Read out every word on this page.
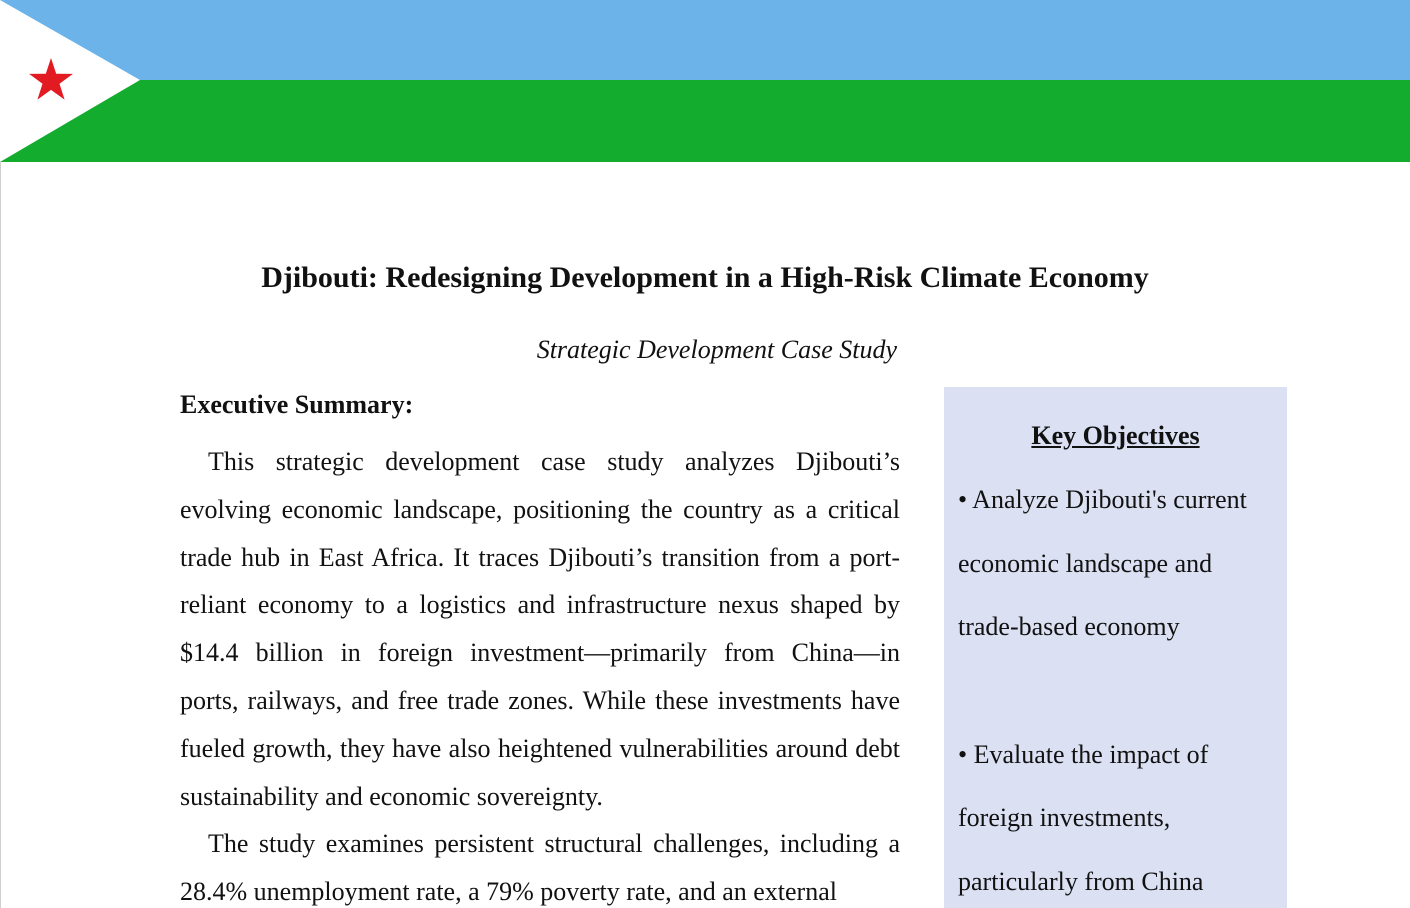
Djibouti: Redesigning Development in a High-Risk Climate Economy
Strategic Development Case Study
Executive Summary:

This strategic development case study analyzes Djibouti’s evolving economic landscape, positioning the country as a critical trade hub in East Africa. It traces Djibouti’s transition from a port-reliant economy to a logistics and infrastructure nexus shaped by $14.4 billion in foreign investment—primarily from China—in ports, railways, and free trade zones. While these investments have fueled growth, they have also heightened vulnerabilities around debt sustainability and economic sovereignty.

The study examines persistent structural challenges, including a 28.4% unemployment rate, a 79% poverty rate, and an external

Key Objectives
• Analyze Djibouti's current economic landscape and trade-based economy
• Evaluate the impact of foreign investments, particularly from China
